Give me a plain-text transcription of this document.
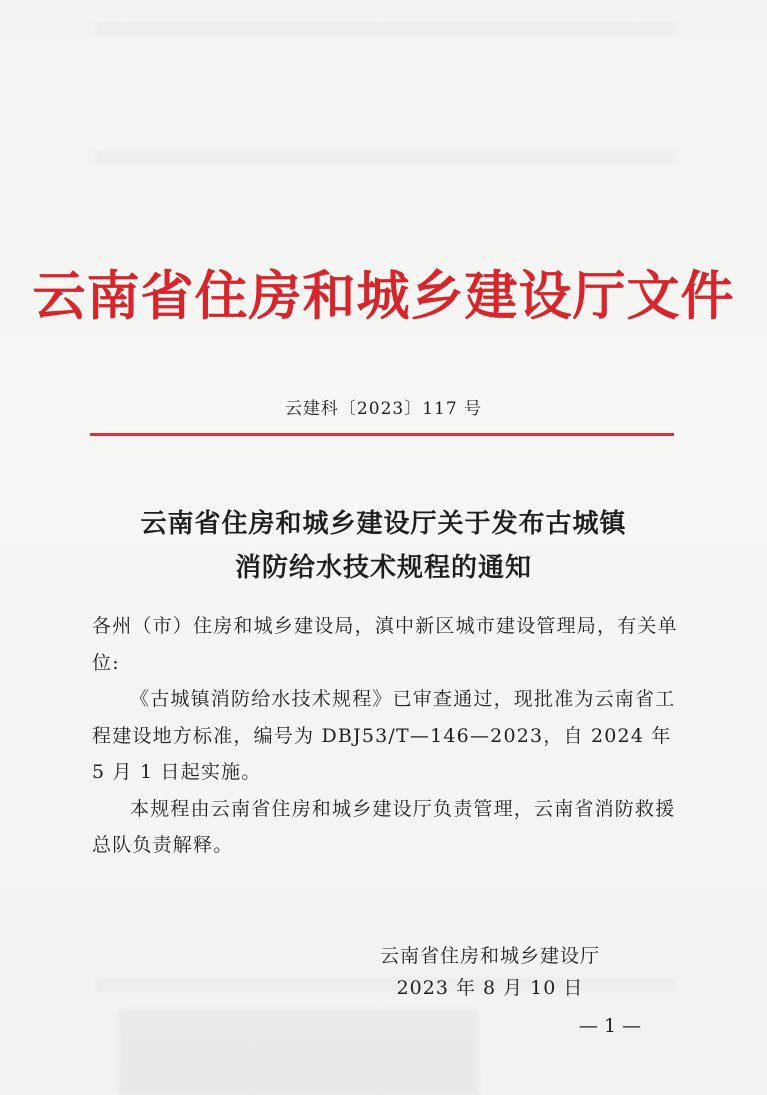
云南省住房和城乡建设厅文件
云建科〔2023〕117 号
云南省住房和城乡建设厅关于发布古城镇
消防给水技术规程的通知

各州（市）住房和城乡建设局，滇中新区城市建设管理局，有关单位:

《古城镇消防给水技术规程》已审查通过，现批准为云南省工程建设地方标准，编号为 DBJ53/T—146—2023，自 2024 年 5 月 1 日起实施。

本规程由云南省住房和城乡建设厅负责管理，云南省消防救援总队负责解释。

云南省住房和城乡建设厅
2023 年 8 月 10 日
— 1 —
